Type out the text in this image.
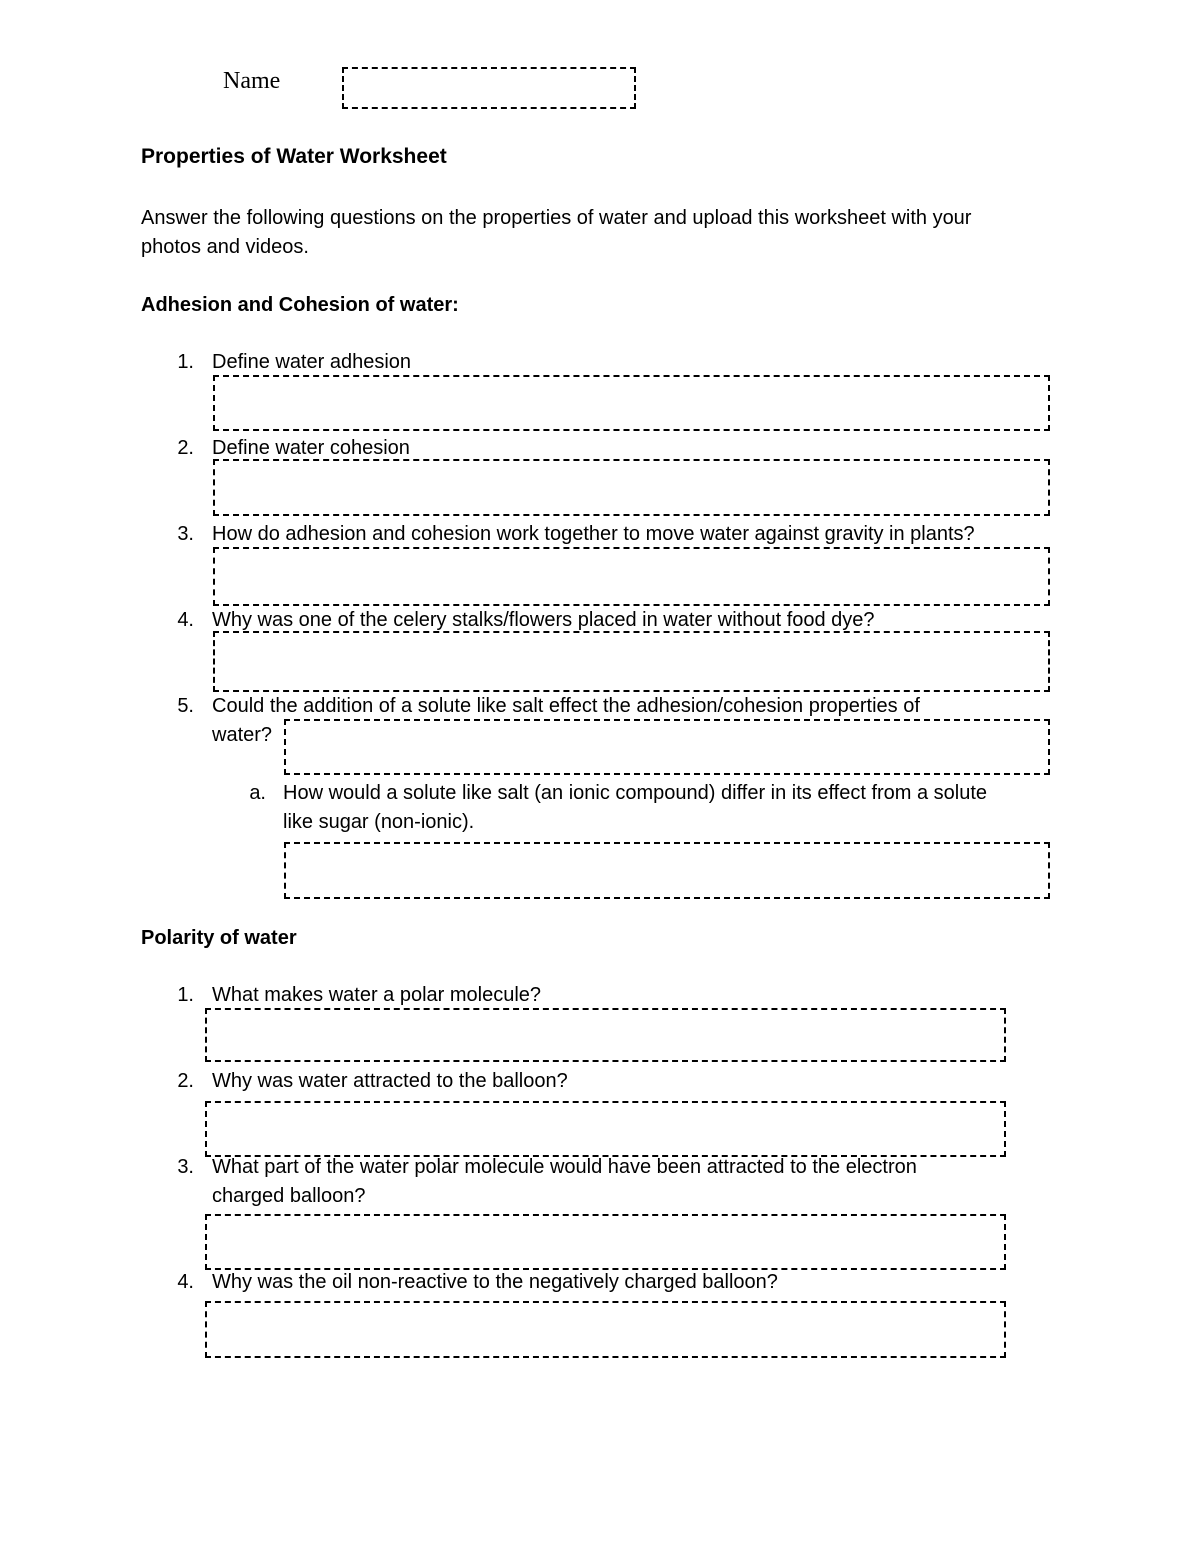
Name
Properties of Water Worksheet
Answer the following questions on the properties of water and upload this worksheet with your
photos and videos.
Adhesion and Cohesion of water:
1. Define water adhesion
2. Define water cohesion
3. How do adhesion and cohesion work together to move water against gravity in plants?
4. Why was one of the celery stalks/flowers placed in water without food dye?
5. Could the addition of a solute like salt effect the adhesion/cohesion properties of
water?
a. How would a solute like salt (an ionic compound) differ in its effect from a solute
like sugar (non-ionic).
Polarity of water
1. What makes water a polar molecule?
2. Why was water attracted to the balloon?
3. What part of the water polar molecule would have been attracted to the electron
charged balloon?
4. Why was the oil non-reactive to the negatively charged balloon?
